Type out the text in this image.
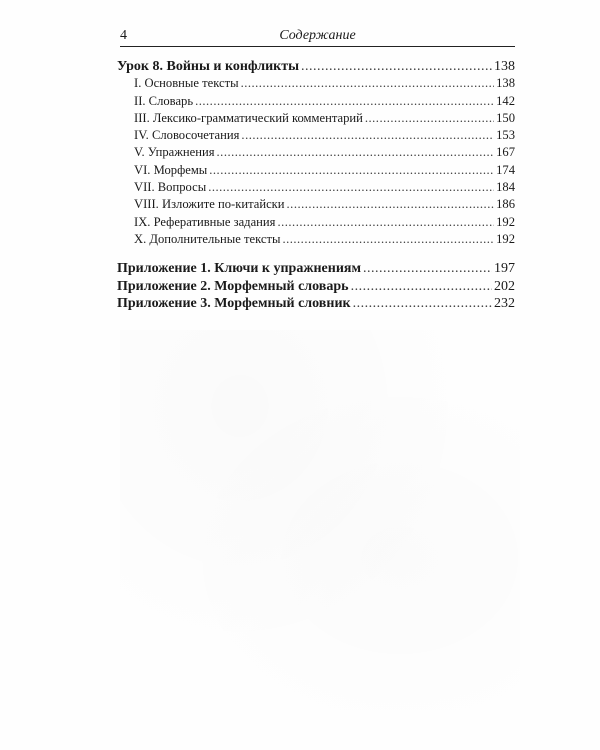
4	Содержание
Урок 8. Войны и конфликты .....	138
I. Основные тексты .....	138
II. Словарь .....	142
III. Лексико-грамматический комментарий .....	150
IV. Словосочетания .....	153
V. Упражнения .....	167
VI. Морфемы .....	174
VII. Вопросы .....	184
VIII. Изложите по-китайски .....	186
IX. Реферативные задания .....	192
X. Дополнительные тексты .....	192
Приложение 1. Ключи к упражнениям .....	197
Приложение 2. Морфемный словарь .....	202
Приложение 3. Морфемный словник .....	232
